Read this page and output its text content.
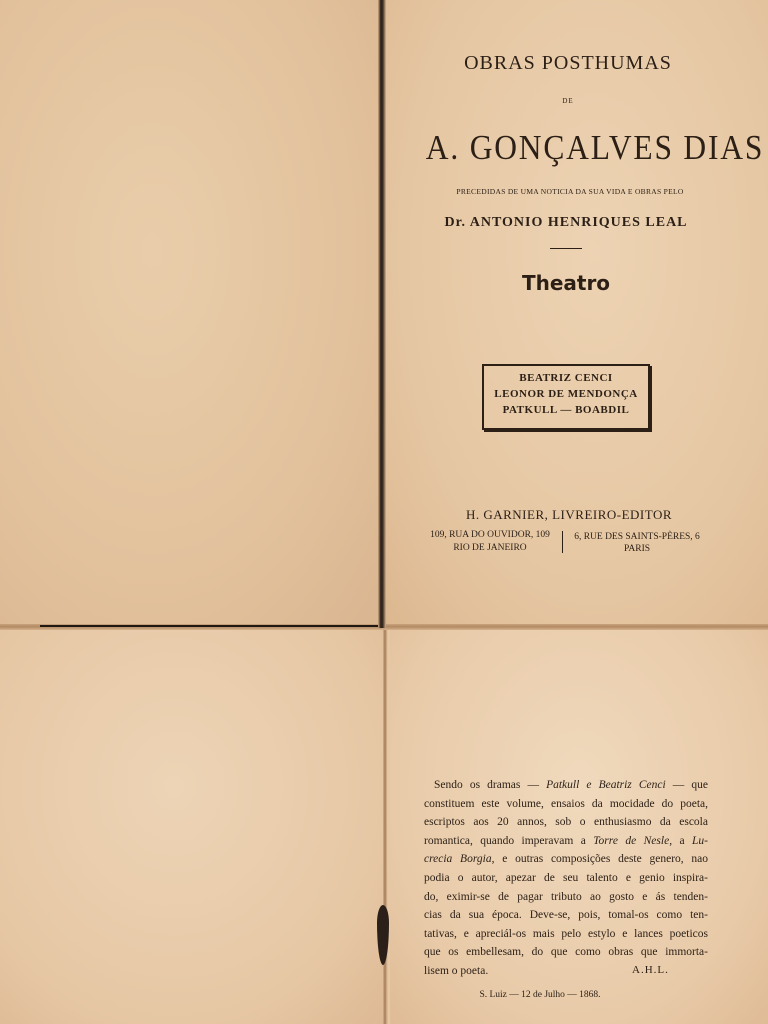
OBRAS POSTHUMAS
DE
A. GONÇALVES DIAS
PRECEDIDAS DE UMA NOTICIA DA SUA VIDA E OBRAS PELO
Dr. ANTONIO HENRIQUES LEAL
Theatro
BEATRIZ CENCI
LEONOR DE MENDONÇA
PATKULL — BOABDIL
H. GARNIER, LIVREIRO-EDITOR
109, RUA DO OUVIDOR, 109
RIO DE JANEIRO
6, RUE DES SAINTS-PÈRES, 6
PARIS
Sendo os dramas — Patkull e Beatriz Cenci — que
constituem este volume, ensaios da mocidade do poeta,
escriptos aos 20 annos, sob o enthusiasmo da escola
romantica, quando imperavam a Torre de Nesle, a Lu-
crecia Borgia, e outras composições deste genero, nao
podia o autor, apezar de seu talento e genio inspira-
do, eximir-se de pagar tributo ao gosto e ás tenden-
cias da sua época. Deve-se, pois, tomal-os como ten-
tativas, e apreciál-os mais pelo estylo e lances poeticos
que os embellesam, do que como obras que immorta-
lisem o poeta.	A.H.L.
S. Luiz — 12 de Julho — 1868.
